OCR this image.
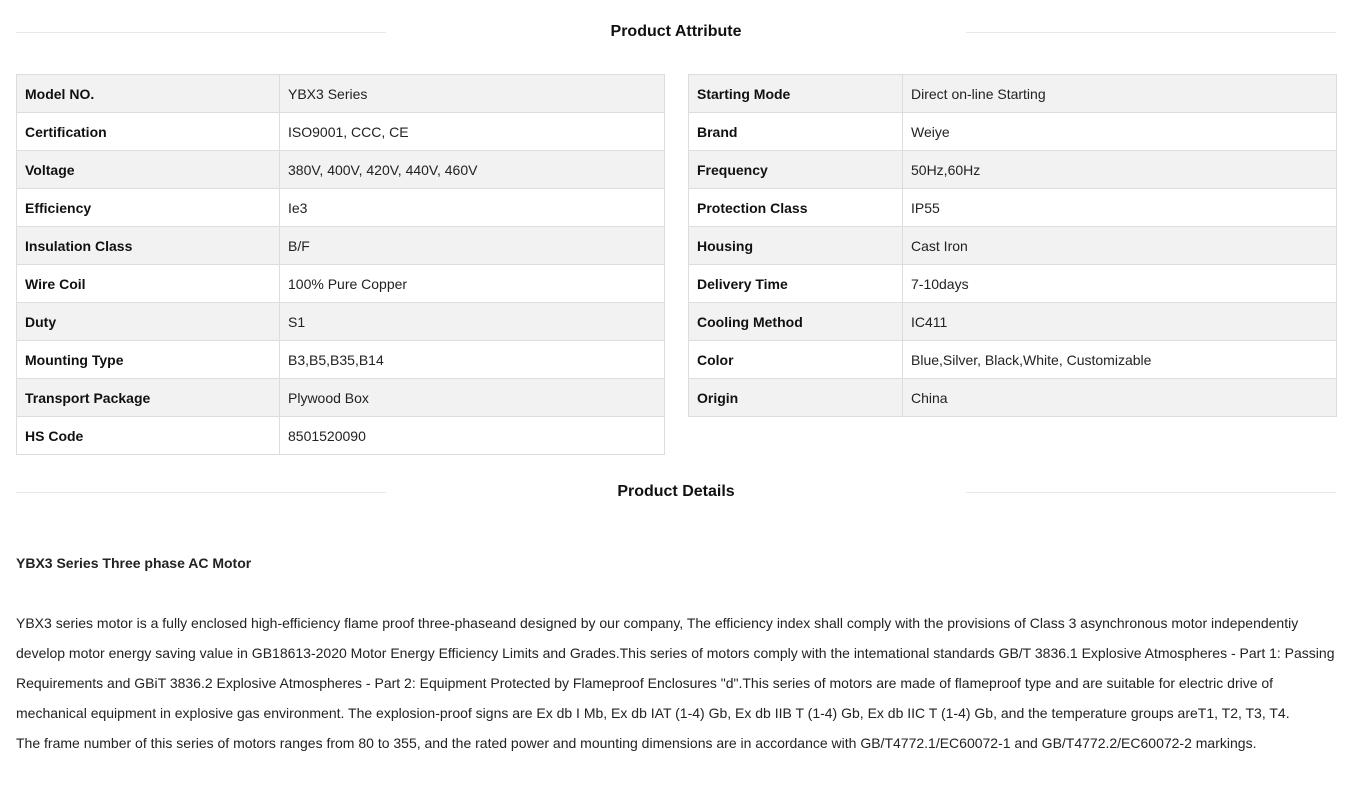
Product Attribute
Model NO.	YBX3 Series
Certification	ISO9001, CCC, CE
Voltage	380V, 400V, 420V, 440V, 460V
Efficiency	Ie3
Insulation Class	B/F
Wire Coil	100% Pure Copper
Duty	S1
Mounting Type	B3,B5,B35,B14
Transport Package	Plywood Box
HS Code	8501520090
Starting Mode	Direct on-line Starting
Brand	Weiye
Frequency	50Hz,60Hz
Protection Class	IP55
Housing	Cast Iron
Delivery Time	7-10days
Cooling Method	IC411
Color	Blue,Silver, Black,White, Customizable
Origin	China
Product Details
YBX3 Series Three phase AC Motor

YBX3 series motor is a fully enclosed high-efficiency flame proof three-phaseand designed by our company, The efficiency index shall comply with the provisions of Class 3 asynchronous motor independentiy develop motor energy saving value in GB18613-2020 Motor Energy Efficiency Limits and Grades.This series of motors comply with the intemational standards GB/T 3836.1 Explosive Atmospheres - Part 1: Passing Requirements and GBiT 3836.2 Explosive Atmospheres - Part 2: Equipment Protected by Flameproof Enclosures "d".This series of motors are made of flameproof type and are suitable for electric drive of mechanical equipment in explosive gas environment. The explosion-proof signs are Ex db I Mb, Ex db IAT (1-4) Gb, Ex db IIB T (1-4) Gb, Ex db IIC T (1-4) Gb, and the temperature groups areT1, T2, T3, T4.

The frame number of this series of motors ranges from 80 to 355, and the rated power and mounting dimensions are in accordance with GB/T4772.1/EC60072-1 and GB/T4772.2/EC60072-2 markings.
